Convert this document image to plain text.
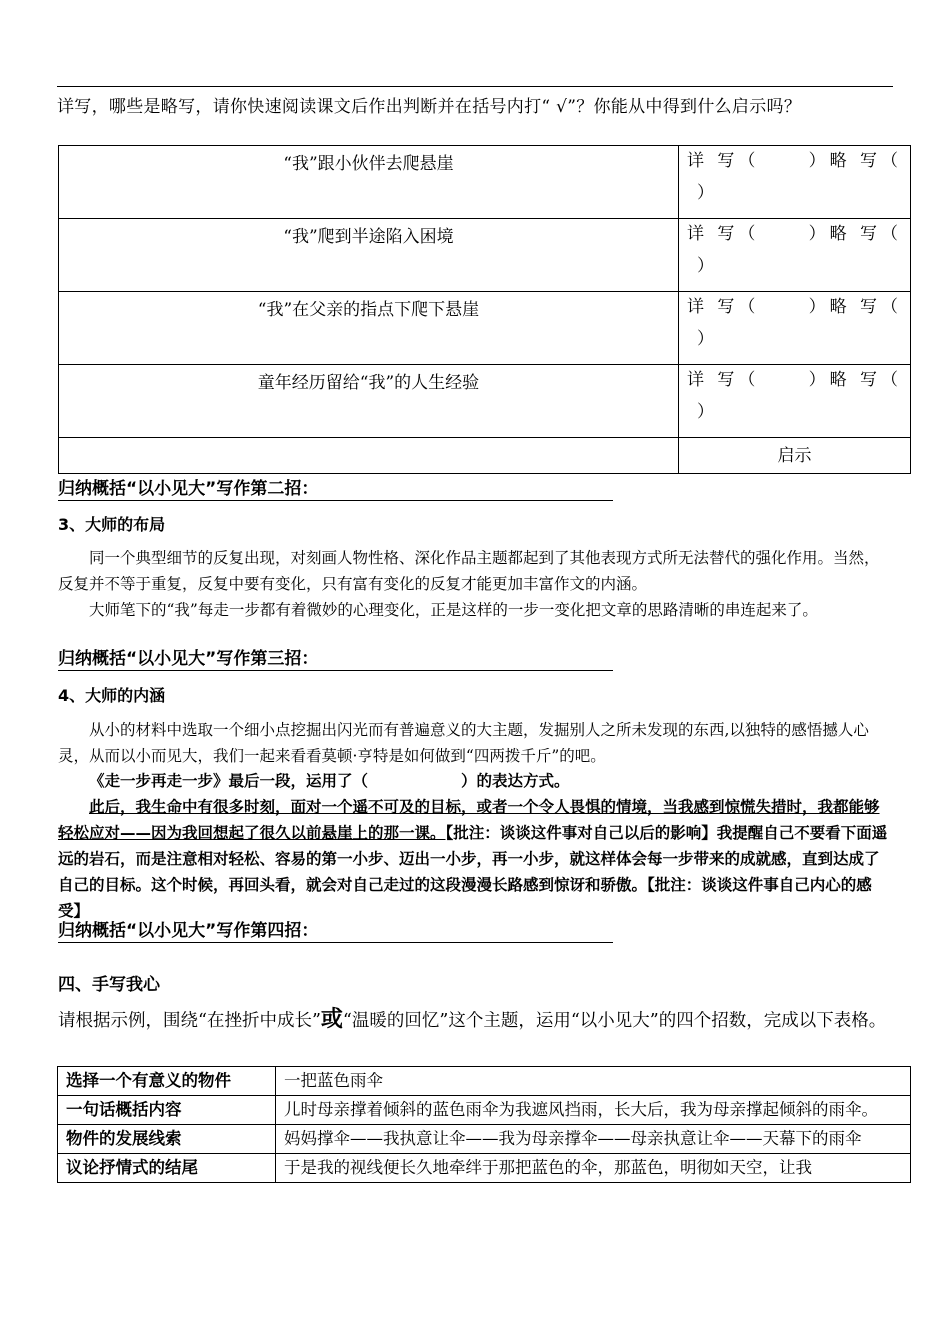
详写，哪些是略写，请你快速阅读课文后作出判断并在括号内打“ √”？你能从中得到什么启示吗？
“我”跟小伙伴去爬悬崖	详 写（ ）略 写（
）

“我”爬到半途陷入困境	详 写（ ）略 写（
）

“我”在父亲的指点下爬下悬崖	详 写（ ）略 写（
）

童年经历留给“我”的人生经验	详 写（ ）略 写（
）

	启示
归纳概括“以小见大”写作第二招：
3、大师的布局
同一个典型细节的反复出现，对刻画人物性格、深化作品主题都起到了其他表现方式所无法替代的强化作用。当然，反复并不等于重复，反复中要有变化，只有富有变化的反复才能更加丰富作文的内涵。
大师笔下的“我”每走一步都有着微妙的心理变化，正是这样的一步一变化把文章的思路清晰的串连起来了。
归纳概括“以小见大”写作第三招：
4、大师的内涵
从小的材料中选取一个细小点挖掘出闪光而有普遍意义的大主题，发掘别人之所未发现的东西,以独特的感悟撼人心灵，从而以小而见大，我们一起来看看莫顿·亨特是如何做到“四两拨千斤”的吧。
《走一步再走一步》最后一段，运用了（　　　　　　）的表达方式。
此后，我生命中有很多时刻，面对一个遥不可及的目标，或者一个令人畏惧的情境，当我感到惊慌失措时，我都能够轻松应对——因为我回想起了很久以前悬崖上的那一课。【批注：谈谈这件事对自己以后的影响】我提醒自己不要看下面遥远的岩石，而是注意相对轻松、容易的第一小步、迈出一小步，再一小步，就这样体会每一步带来的成就感，直到达成了自己的目标。这个时候，再回头看，就会对自己走过的这段漫漫长路感到惊讶和骄傲。【批注：谈谈这件事自己内心的感受】
归纳概括“以小见大”写作第四招：
四、手写我心
请根据示例，围绕“在挫折中成长”或“温暖的回忆”这个主题，运用“以小见大”的四个招数，完成以下表格。
选择一个有意义的物件	一把蓝色雨伞
一句话概括内容	儿时母亲撑着倾斜的蓝色雨伞为我遮风挡雨，长大后，我为母亲撑起倾斜的雨伞。
物件的发展线索	妈妈撑伞——我执意让伞——我为母亲撑伞——母亲执意让伞——天幕下的雨伞
议论抒情式的结尾	于是我的视线便长久地牵绊于那把蓝色的伞，那蓝色，明彻如天空，让我
